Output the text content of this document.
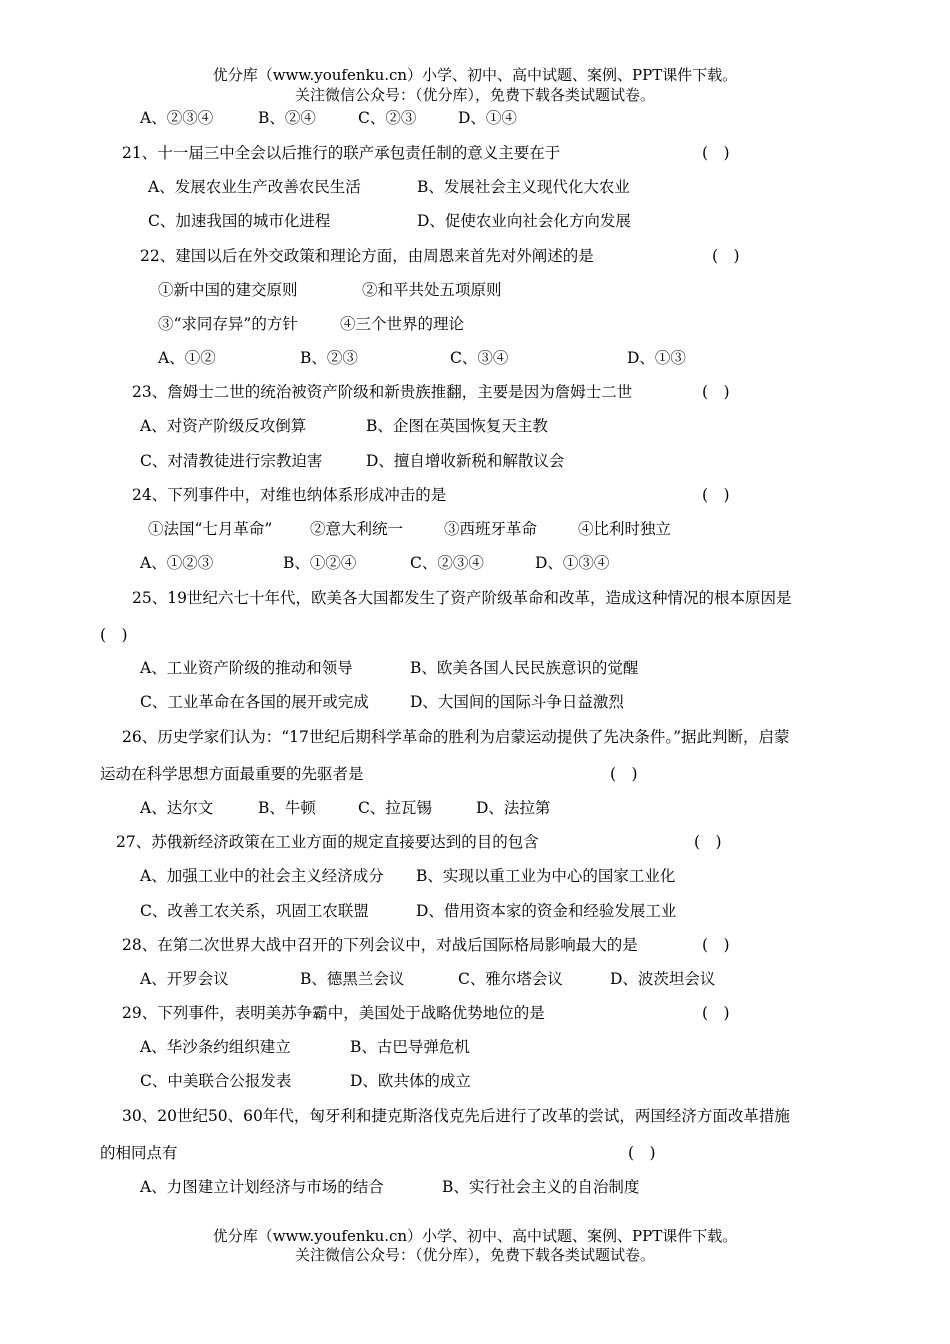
优分库（www.youfenku.cn）小学、初中、高中试题、案例、PPT课件下载。
关注微信公众号：（优分库），免费下载各类试题试卷。
A、②③④	B、②④	C、②③	D、①④
21、十一届三中全会以后推行的联产承包责任制的意义主要在于	(　)
A、发展农业生产改善农民生活	B、发展社会主义现代化大农业
C、加速我国的城市化进程	D、促使农业向社会化方向发展
22、建国以后在外交政策和理论方面，由周恩来首先对外阐述的是	(　)
①新中国的建交原则	②和平共处五项原则
③“求同存异”的方针	④三个世界的理论
A、①②	B、②③	C、③④	D、①③
23、詹姆士二世的统治被资产阶级和新贵族推翻，主要是因为詹姆士二世	(　)
A、对资产阶级反攻倒算	B、企图在英国恢复天主教
C、对清教徒进行宗教迫害	D、擅自增收新税和解散议会
24、下列事件中，对维也纳体系形成冲击的是	(　)
①法国“七月革命” ②意大利统一	③西班牙革命	④比利时独立
A、①②③	B、①②④	C、②③④	D、①③④
25、19世纪六七十年代，欧美各大国都发生了资产阶级革命和改革，造成这种情况的根本原因是
(　)
A、工业资产阶级的推动和领导	B、欧美各国人民民族意识的觉醒
C、工业革命在各国的展开或完成	D、大国间的国际斗争日益激烈
26、历史学家们认为：“17世纪后期科学革命的胜利为启蒙运动提供了先决条件。”据此判断，启蒙
运动在科学思想方面最重要的先驱者是	(　)
A、达尔文	B、牛顿	C、拉瓦锡	D、法拉第
27、苏俄新经济政策在工业方面的规定直接要达到的目的包含	(　)
A、加强工业中的社会主义经济成分 B、实现以重工业为中心的国家工业化
C、改善工农关系，巩固工农联盟	D、借用资本家的资金和经验发展工业
28、在第二次世界大战中召开的下列会议中，对战后国际格局影响最大的是	(　)
A、开罗会议	B、德黑兰会议	C、雅尔塔会议	D、波茨坦会议
29、下列事件，表明美苏争霸中，美国处于战略优势地位的是	(　)
A、华沙条约组织建立	B、古巴导弹危机
C、中美联合公报发表	D、欧共体的成立
30、20世纪50、60年代，匈牙利和捷克斯洛伐克先后进行了改革的尝试，两国经济方面改革措施
的相同点有	(　)
A、力图建立计划经济与市场的结合	B、实行社会主义的自治制度
优分库（www.youfenku.cn）小学、初中、高中试题、案例、PPT课件下载。
关注微信公众号：（优分库），免费下载各类试题试卷。
